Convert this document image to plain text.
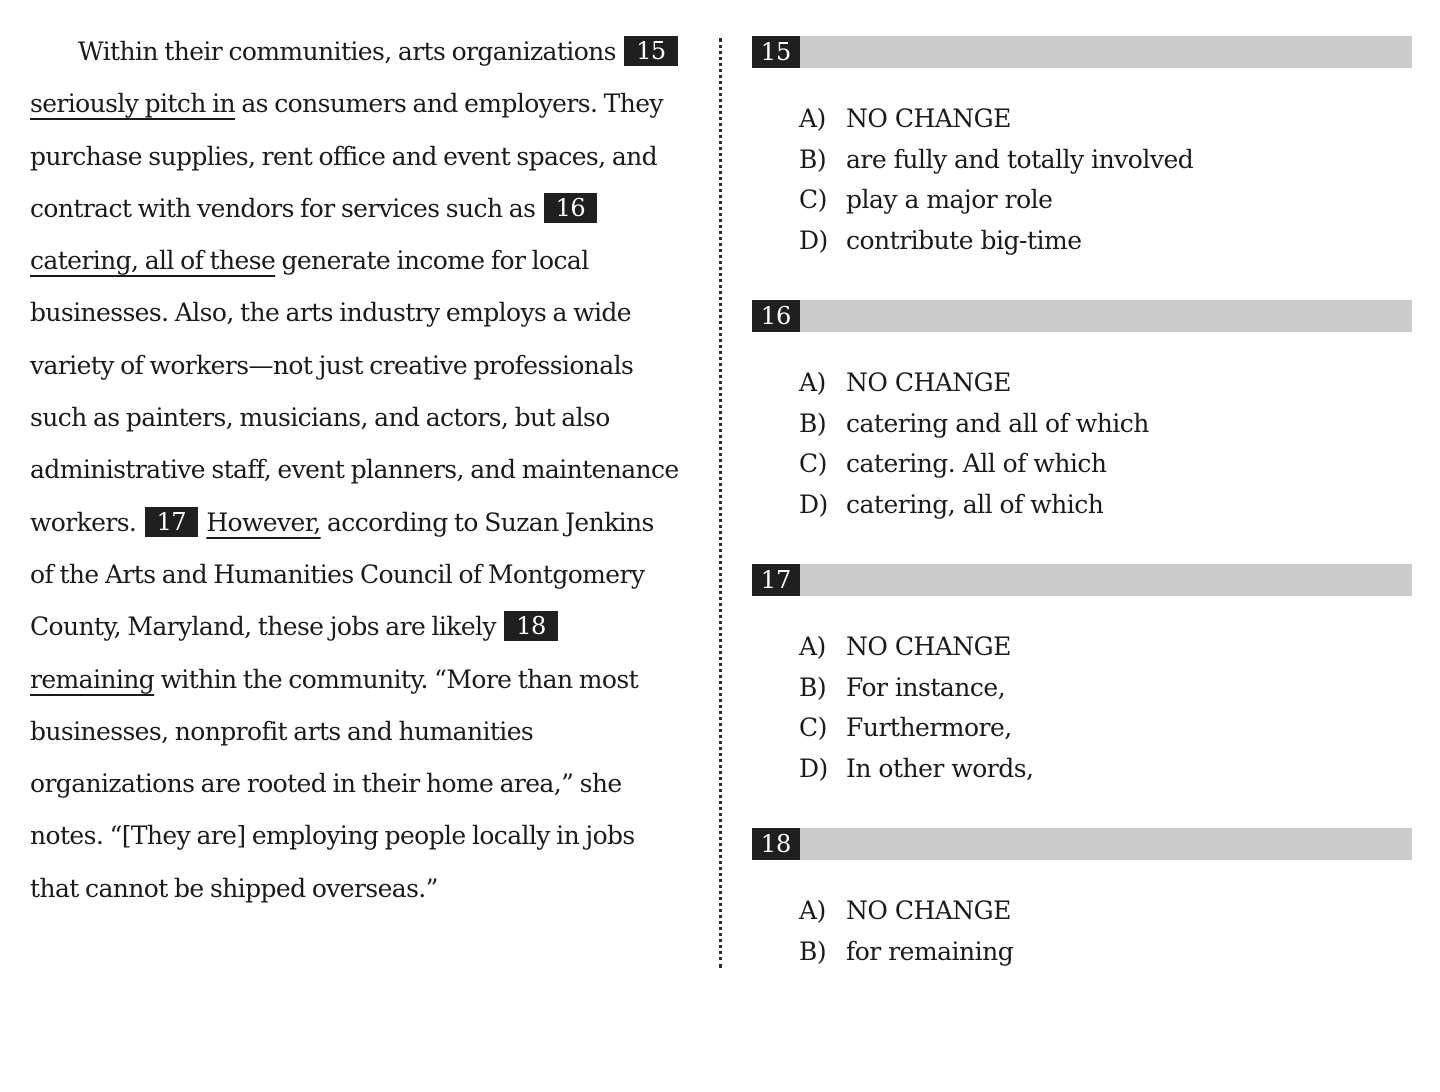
Within their communities, arts organizations 15 seriously pitch in as consumers and employers. They purchase supplies, rent office and event spaces, and contract with vendors for services such as 16 catering, all of these generate income for local businesses. Also, the arts industry employs a wide variety of workers—not just creative professionals such as painters, musicians, and actors, but also administrative staff, event planners, and maintenance workers. 17 However, according to Suzan Jenkins of the Arts and Humanities Council of Montgomery County, Maryland, these jobs are likely 18 remaining within the community. “More than most businesses, nonprofit arts and humanities organizations are rooted in their home area,” she notes. “[They are] employing people locally in jobs that cannot be shipped overseas.”

15
A) NO CHANGE
B) are fully and totally involved
C) play a major role
D) contribute big-time
16
A) NO CHANGE
B) catering and all of which
C) catering. All of which
D) catering, all of which
17
A) NO CHANGE
B) For instance,
C) Furthermore,
D) In other words,
18
A) NO CHANGE
B) for remaining
